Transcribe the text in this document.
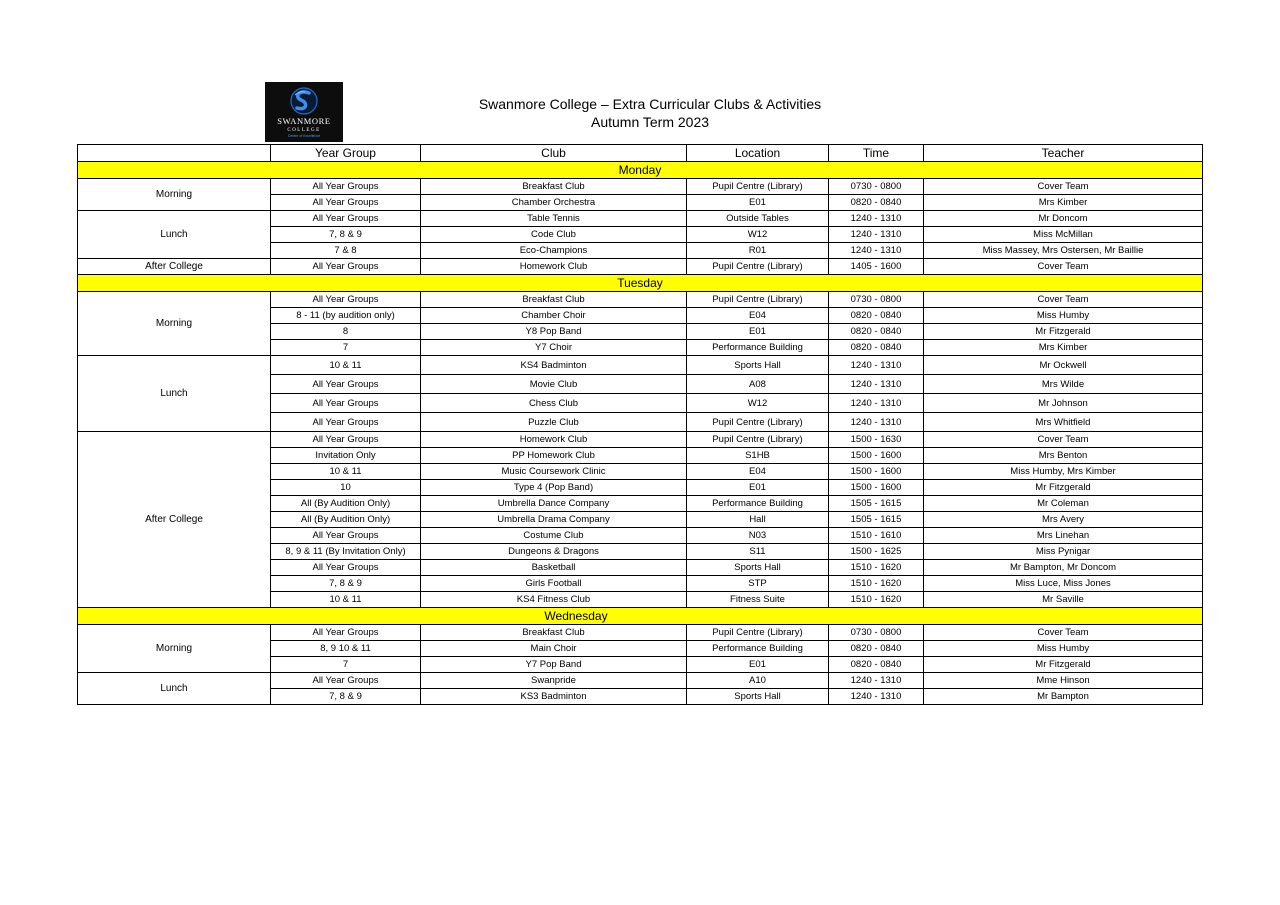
SWANMORE
COLLEGE
Centre of Excellence
Swanmore College – Extra Curricular Clubs & Activities
Autumn Term 2023
	Year Group	Club	Location	Time	Teacher
Monday					
Morning	All Year Groups	Breakfast Club	Pupil Centre (Library)	0730 - 0800	Cover Team
	All Year Groups	Chamber Orchestra	E01	0820 - 0840	Mrs Kimber
Lunch	All Year Groups	Table Tennis	Outside Tables	1240 - 1310	Mr Doncom
	7, 8 & 9	Code Club	W12	1240 - 1310	Miss McMillan
	7 & 8	Eco-Champions	R01	1240 - 1310	Miss Massey, Mrs Ostersen, Mr Baillie
After College	All Year Groups	Homework Club	Pupil Centre (Library)	1405 - 1600	Cover Team
Tuesday					
Morning	All Year Groups	Breakfast Club	Pupil Centre (Library)	0730 - 0800	Cover Team
	8 - 11 (by audition only)	Chamber Choir	E04	0820 - 0840	Miss Humby
	8	Y8 Pop Band	E01	0820 - 0840	Mr Fitzgerald
	7	Y7 Choir	Performance Building	0820 - 0840	Mrs Kimber
Lunch	10 & 11	KS4 Badminton	Sports Hall	1240 - 1310	Mr Ockwell
	All Year Groups	Movie Club	A08	1240 - 1310	Mrs Wilde
	All Year Groups	Chess Club	W12	1240 - 1310	Mr Johnson
	All Year Groups	Puzzle Club	Pupil Centre (Library)	1240 - 1310	Mrs Whitfield
After College	All Year Groups	Homework Club	Pupil Centre (Library)	1500 - 1630	Cover Team
	Invitation Only	PP Homework Club	S1HB	1500 - 1600	Mrs Benton
	10 & 11	Music Coursework Clinic	E04	1500 - 1600	Miss Humby, Mrs Kimber
	10	Type 4 (Pop Band)	E01	1500 - 1600	Mr Fitzgerald
	All (By Audition Only)	Umbrella Dance Company	Performance Building	1505 - 1615	Mr Coleman
	All (By Audition Only)	Umbrella Drama Company	Hall	1505 - 1615	Mrs Avery
	All Year Groups	Costume Club	N03	1510 - 1610	Mrs Linehan
	8, 9 & 11 (By Invitation Only)	Dungeons & Dragons	S11	1500 - 1625	Miss Pynigar
	All Year Groups	Basketball	Sports Hall	1510 - 1620	Mr Bampton, Mr Doncom
	7, 8 & 9	Girls Football	STP	1510 - 1620	Miss Luce, Miss Jones
	10 & 11	KS4 Fitness Club	Fitness Suite	1510 - 1620	Mr Saville
Wednesday					
Morning	All Year Groups	Breakfast Club	Pupil Centre (Library)	0730 - 0800	Cover Team
	8, 9 10 & 11	Main Choir	Performance Building	0820 - 0840	Miss Humby
	7	Y7 Pop Band	E01	0820 - 0840	Mr Fitzgerald
Lunch	All Year Groups	Swanpride	A10	1240 - 1310	Mme Hinson
	7, 8 & 9	KS3 Badminton	Sports Hall	1240 - 1310	Mr Bampton
